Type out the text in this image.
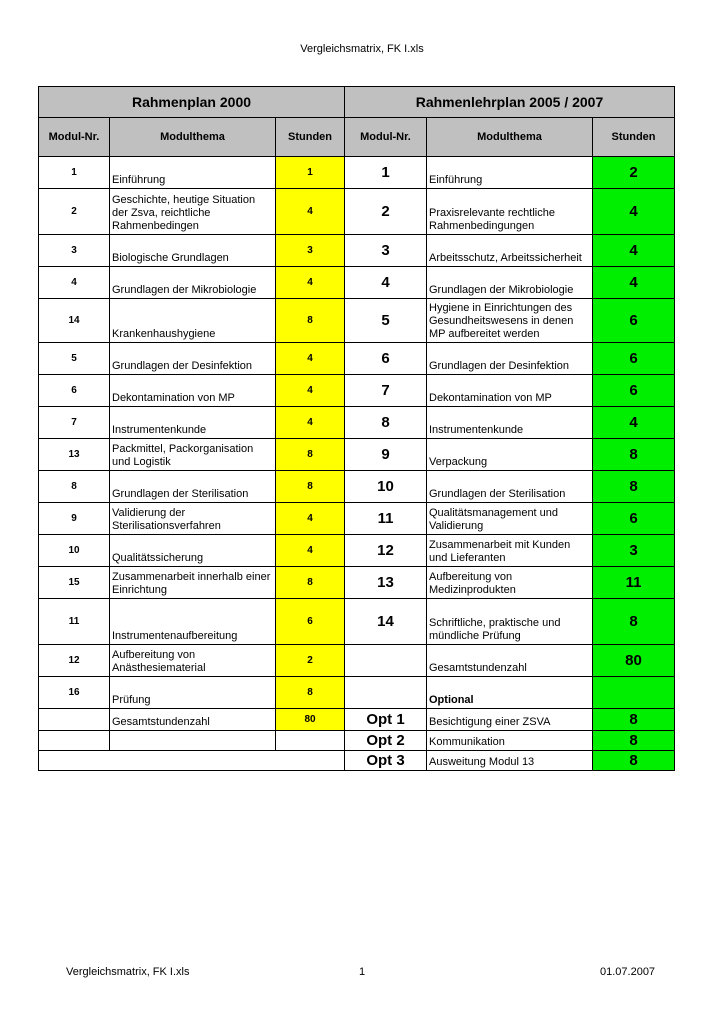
Vergleichsmatrix, FK I.xls
Rahmenplan 2000			Rahmenlehrplan 2005 / 2007		
Modul-Nr.	Modulthema	Stunden	Modul-Nr.	Modulthema	Stunden
1	Einführung	1	1	Einführung	2
2	Geschichte, heutige Situation der Zsva, reichtliche Rahmenbedingen	4	2	Praxisrelevante rechtliche Rahmenbedingungen	4
3	Biologische Grundlagen	3	3	Arbeitsschutz, Arbeitssicherheit	4
4	Grundlagen der Mikrobiologie	4	4	Grundlagen der Mikrobiologie	4
14	Krankenhaushygiene	8	5	Hygiene in Einrichtungen des Gesundheitswesens in denen MP aufbereitet werden	6
5	Grundlagen der Desinfektion	4	6	Grundlagen der Desinfektion	6
6	Dekontamination von MP	4	7	Dekontamination von MP	6
7	Instrumentenkunde	4	8	Instrumentenkunde	4
13	Packmittel, Packorganisation und Logistik	8	9	Verpackung	8
8	Grundlagen der Sterilisation	8	10	Grundlagen der Sterilisation	8
9	Validierung der Sterilisationsverfahren	4	11	Qualitätsmanagement und Validierung	6
10	Qualitätssicherung	4	12	Zusammenarbeit mit Kunden und Lieferanten	3
15	Zusammenarbeit innerhalb einer Einrichtung	8	13	Aufbereitung von Medizinprodukten	11
11	Instrumentenaufbereitung	6	14	Schriftliche, praktische und mündliche Prüfung	8
12	Aufbereitung von Anästhesiematerial	2		Gesamtstundenzahl	80
16	Prüfung	8		Optional	
	Gesamtstundenzahl	80	Opt 1	Besichtigung einer ZSVA	8
			Opt 2	Kommunikation	8
			Opt 3	Ausweitung Modul 13	8
Vergleichsmatrix, FK I.xls	1	01.07.2007
